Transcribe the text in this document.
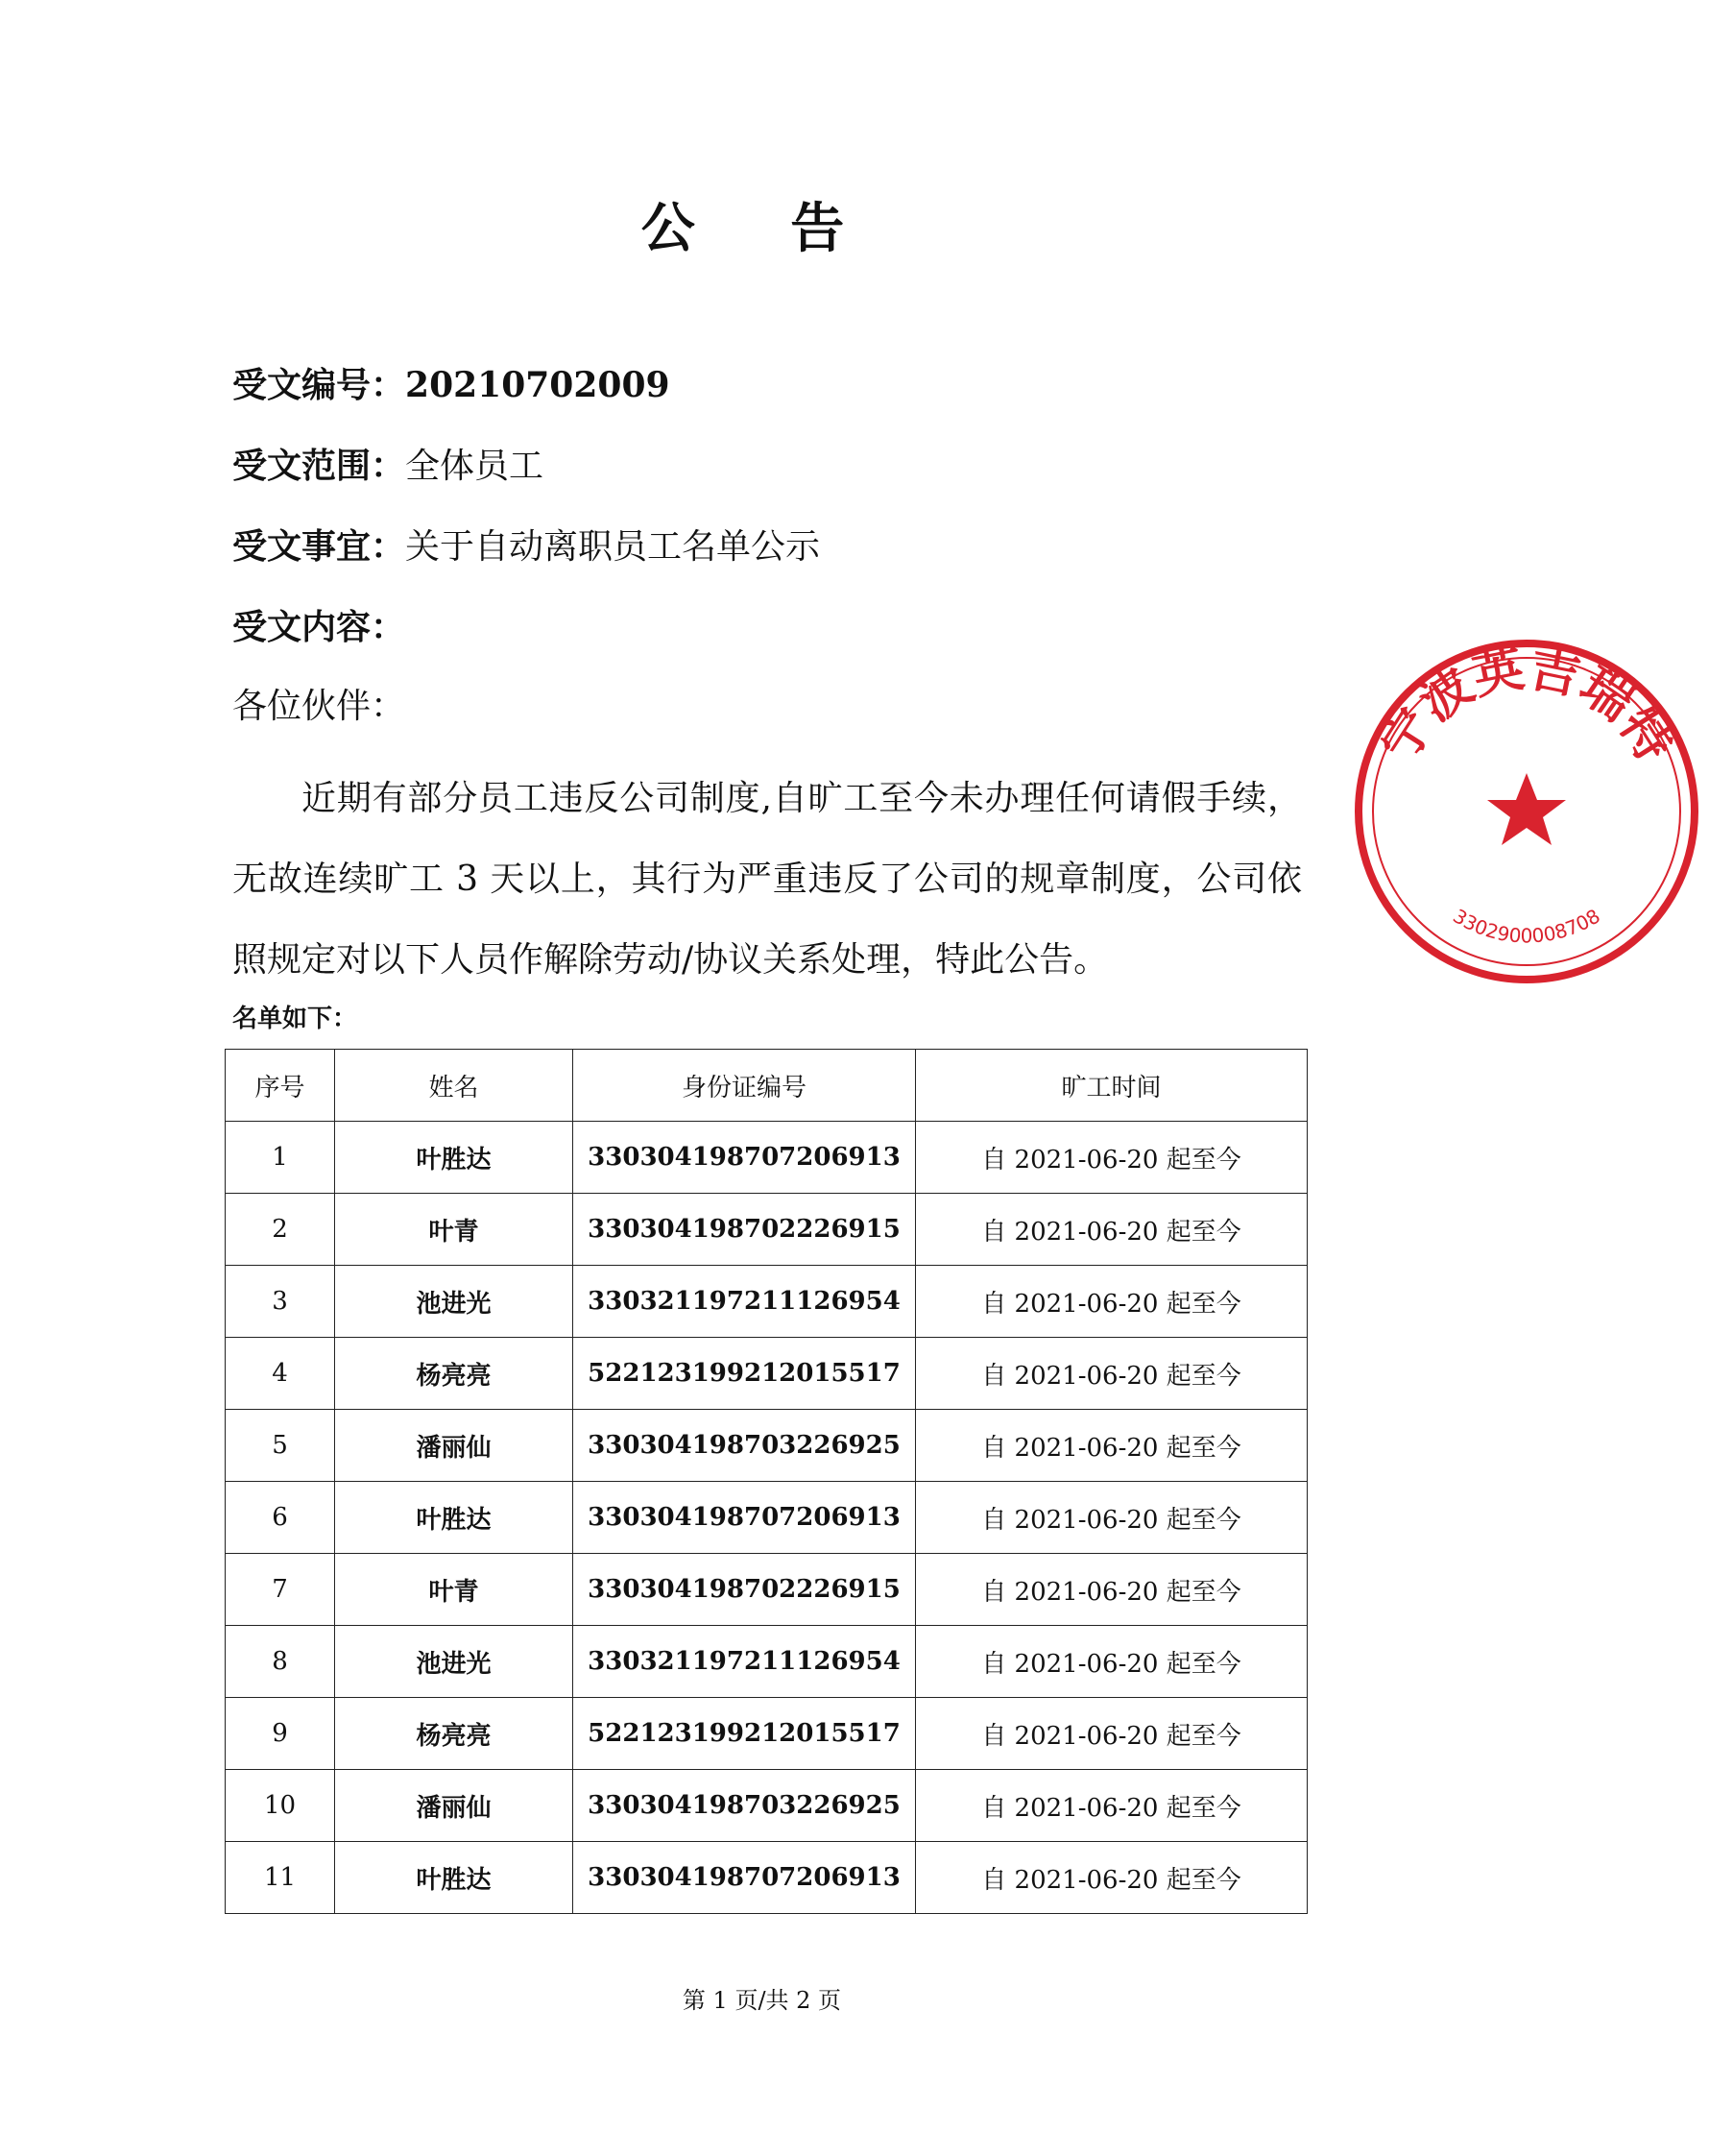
公 告
受文编号：20210702009
受文范围：全体员工
受文事宜：关于自动离职员工名单公示
受文内容：
各位伙伴：
近期有部分员工违反公司制度,自旷工至今未办理任何请假手续，无故连续旷工 3 天以上，其行为严重违反了公司的规章制度，公司依照规定对以下人员作解除劳动/协议关系处理，特此公告。
名单如下：
序号	姓名	身份证编号	旷工时间
1	叶胜达	330304198707206913	自 2021-06-20 起至今
2	叶青	330304198702226915	自 2021-06-20 起至今
3	池进光	330321197211126954	自 2021-06-20 起至今
4	杨亮亮	522123199212015517	自 2021-06-20 起至今
5	潘丽仙	330304198703226925	自 2021-06-20 起至今
6	叶胜达	330304198707206913	自 2021-06-20 起至今
7	叶青	330304198702226915	自 2021-06-20 起至今
8	池进光	330321197211126954	自 2021-06-20 起至今
9	杨亮亮	522123199212015517	自 2021-06-20 起至今
10	潘丽仙	330304198703226925	自 2021-06-20 起至今
11	叶胜达	330304198707206913	自 2021-06-20 起至今
第 1 页/共 2 页
宁波英吉瑞特
3302900008708
